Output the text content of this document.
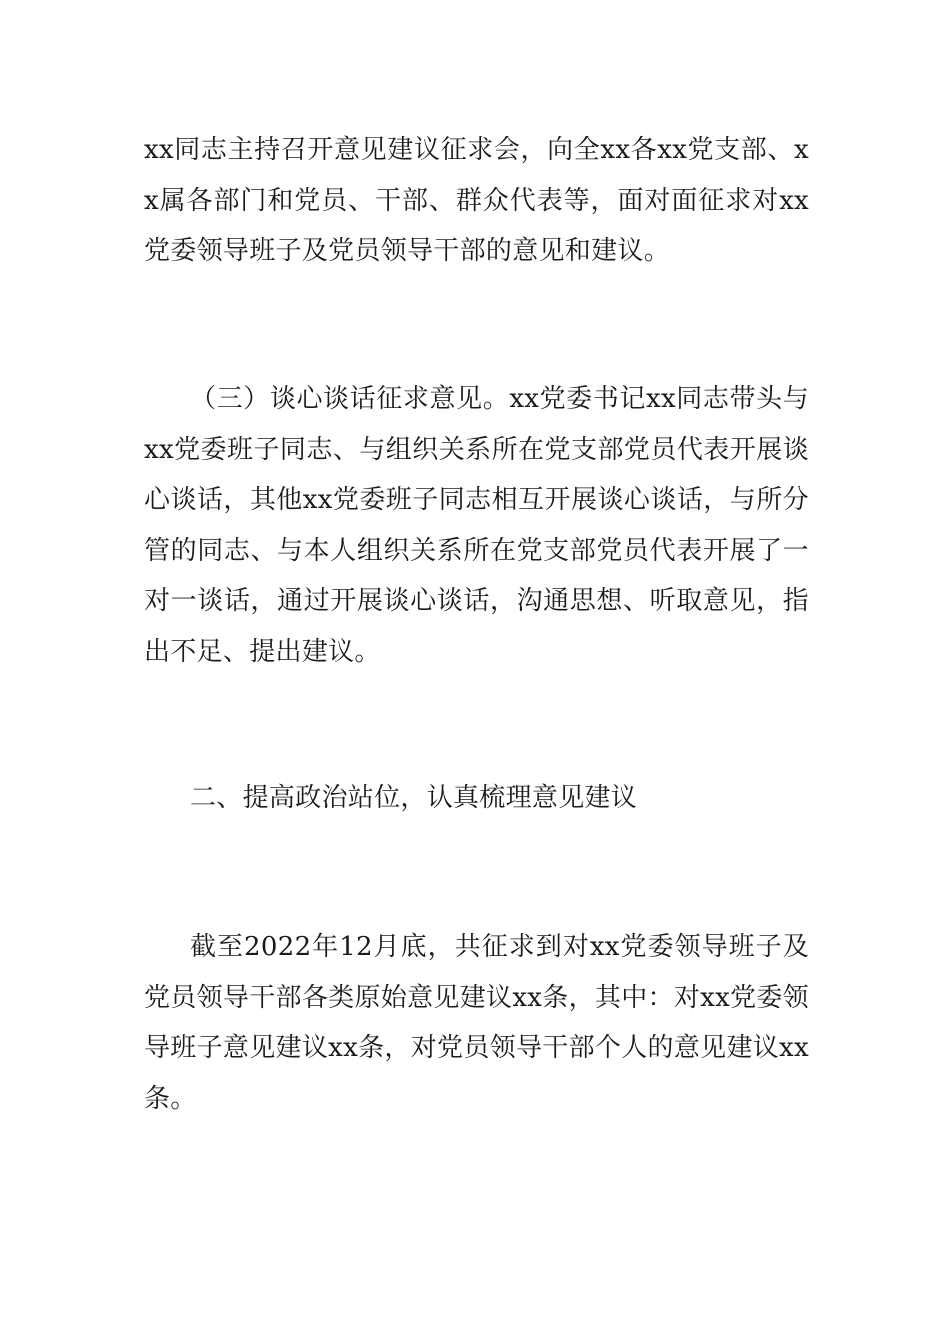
xx同志主持召开意见建议征求会，向全xx各xx党支部、xx属各部门和党员、干部、群众代表等，面对面征求对xx党委领导班子及党员领导干部的意见和建议。

（三）谈心谈话征求意见。xx党委书记xx同志带头与xx党委班子同志、与组织关系所在党支部党员代表开展谈心谈话，其他xx党委班子同志相互开展谈心谈话，与所分管的同志、与本人组织关系所在党支部党员代表开展了一对一谈话，通过开展谈心谈话，沟通思想、听取意见，指出不足、提出建议。

二、提高政治站位，认真梳理意见建议

截至2022年12月底，共征求到对xx党委领导班子及党员领导干部各类原始意见建议xx条，其中：对xx党委领导班子意见建议xx条，对党员领导干部个人的意见建议xx条。
